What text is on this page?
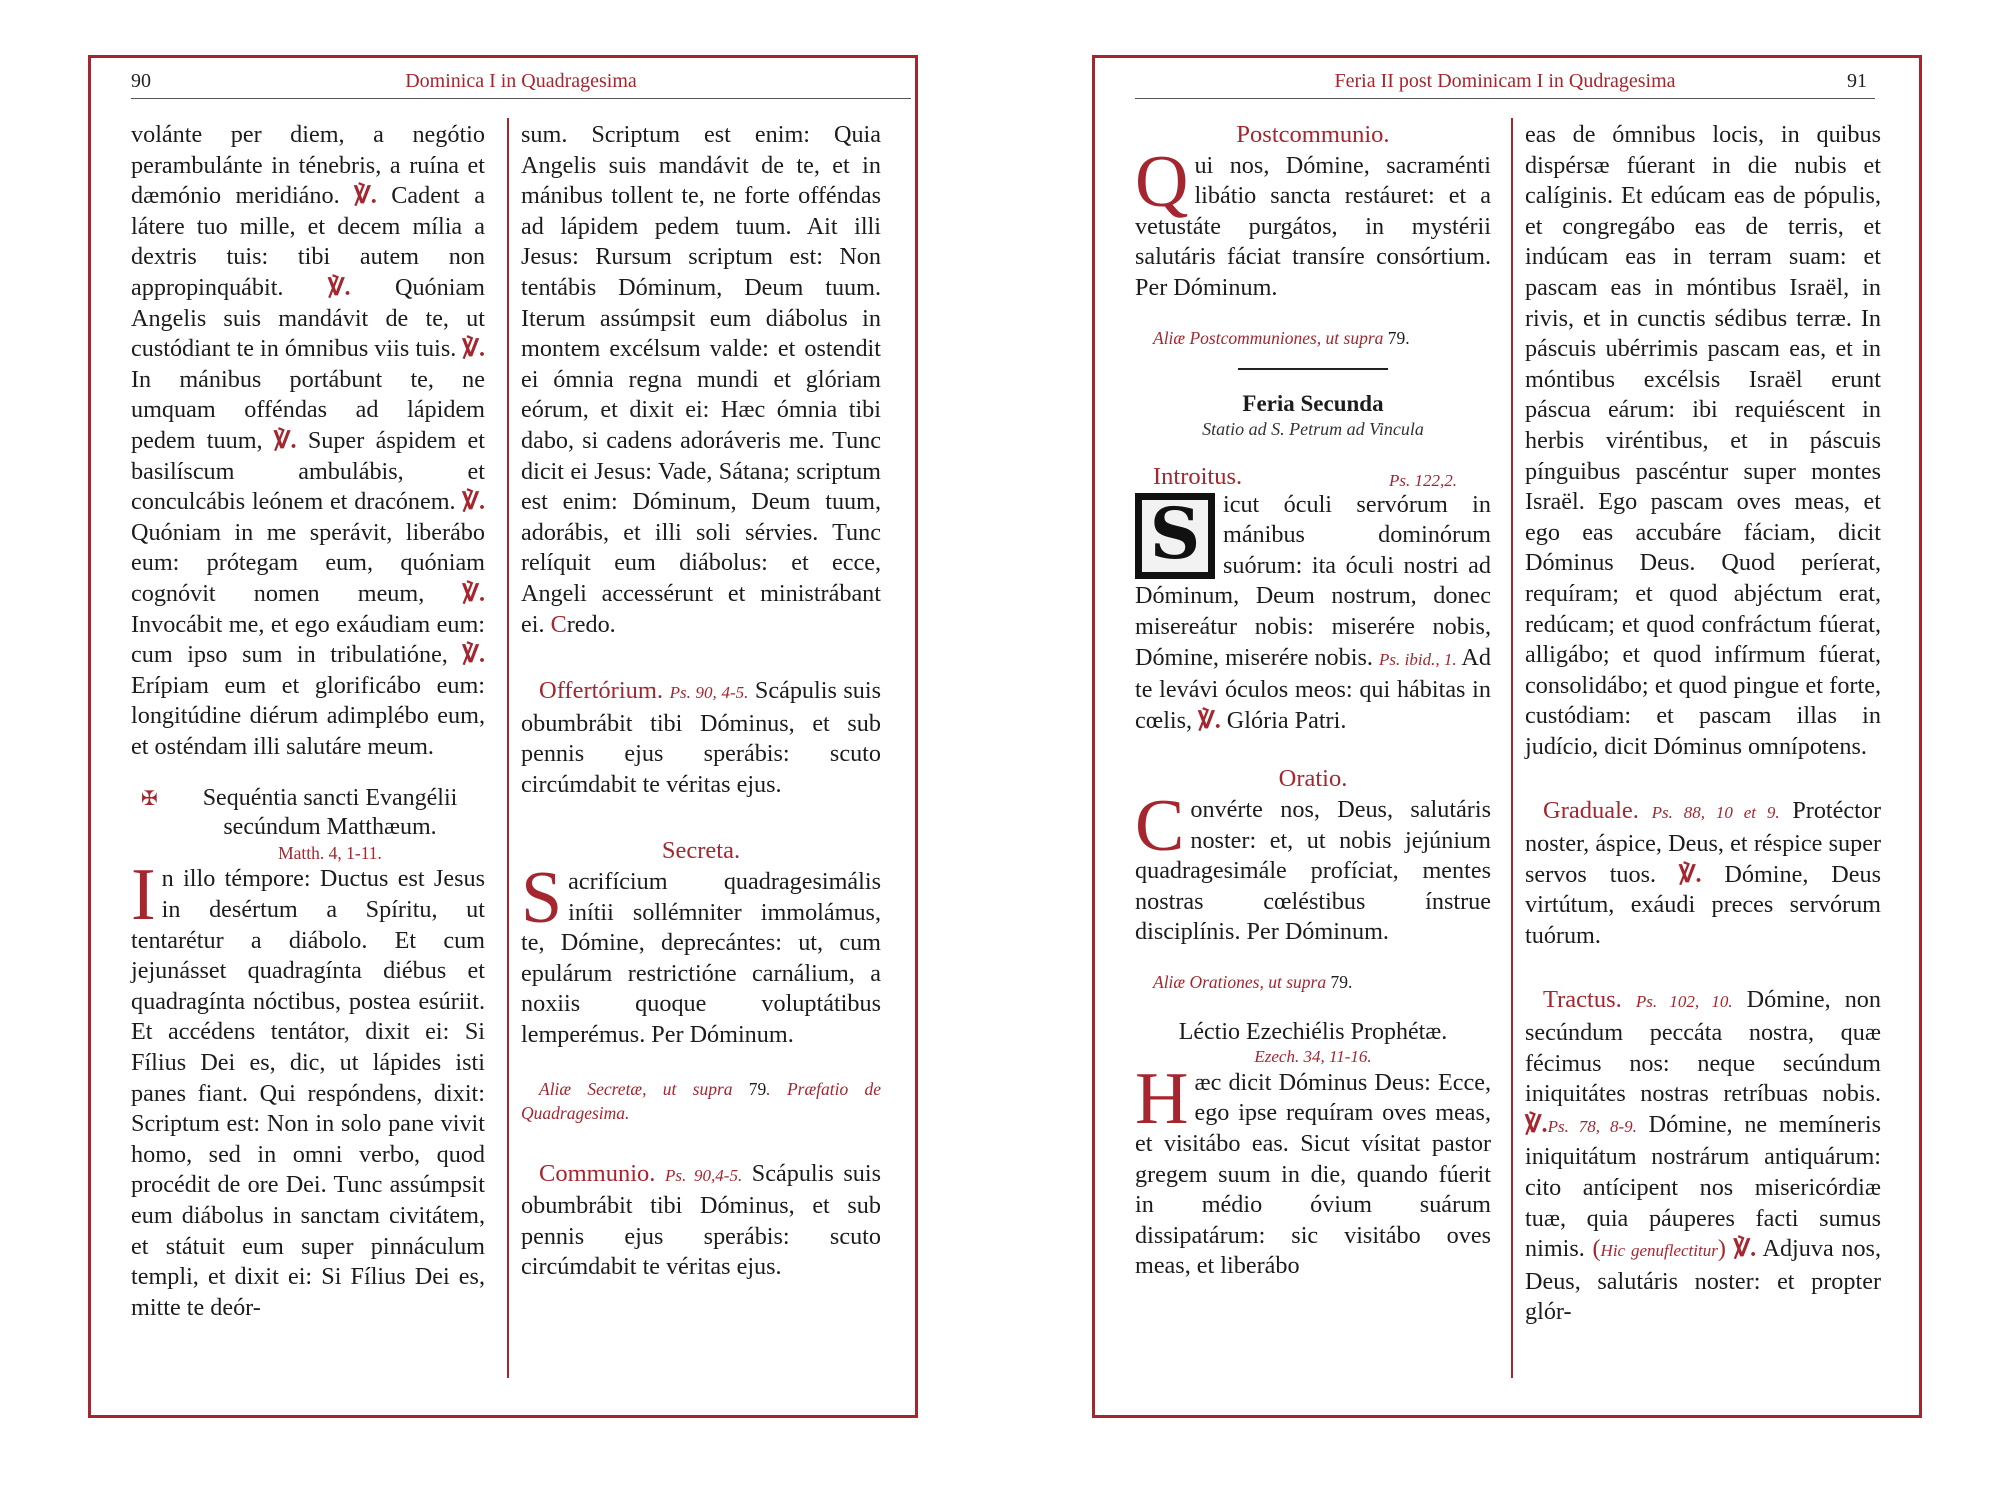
90	Dominica I in Quadragesima

volánte per diem, a negótio perambulánte in ténebris, a ruína et dæmónio meridiáno. ℣. Cadent a látere tuo mille, et decem mília a dextris tuis: tibi autem non appropinquábit. ℣. Quóniam Angelis suis mandávit de te, ut custódiant te in ómnibus viis tuis. ℣. In mánibus portábunt te, ne umquam offéndas ad lápidem pedem tuum, ℣. Super áspidem et basilíscum ambulábis, et conculcábis leónem et dracónem. ℣. Quóniam in me sperávit, liberábo eum: prótegam eum, quóniam cognóvit nomen meum, ℣. Invocábit me, et ego exáudiam eum: cum ipso sum in tribulatióne, ℣. Erípiam eum et glorificábo eum: longitúdine diérum adimplébo eum, et osténdam illi salutáre meum.

✠	Sequéntia sancti Evangélii secúndum Matthæum.
Matth. 4, 1-11.

In illo témpore: Ductus est Jesus in desértum a Spíritu, ut tentarétur a diábolo. Et cum jejunásset quadragínta diébus et quadragínta nóctibus, postea esúriit. Et accédens tentátor, dixit ei: Si Fílius Dei es, dic, ut lápides isti panes fiant. Qui respóndens, dixit: Scriptum est: Non in solo pane vivit homo, sed in omni verbo, quod procédit de ore Dei. Tunc assúmpsit eum diábolus in sanctam civitátem, et státuit eum super pinnáculum templi, et dixit ei: Si Fílius Dei es, mitte te deór-

sum. Scriptum est enim: Quia Angelis suis mandávit de te, et in mánibus tollent te, ne forte offéndas ad lápidem pedem tuum. Ait illi Jesus: Rursum scriptum est: Non tentábis Dóminum, Deum tuum. Iterum assúmpsit eum diábolus in montem excélsum valde: et ostendit ei ómnia regna mundi et glóriam eórum, et dixit ei: Hæc ómnia tibi dabo, si cadens adoráveris me. Tunc dicit ei Jesus: Vade, Sátana; scriptum est enim: Dóminum, Deum tuum, adorábis, et illi soli sérvies. Tunc relíquit eum diábolus: et ecce, Angeli accessérunt et ministrábant ei. Credo.

Offertórium. Ps. 90, 4-5. Scápulis suis obumbrábit tibi Dóminus, et sub pennis ejus sperábis: scuto circúmdabit te véritas ejus.

Secreta.

Sacrifícium quadragesimális inítii sollémniter immolámus, te, Dómine, deprecántes: ut, cum epulárum restrictióne carnálium, a noxiis quoque voluptátibus lemperémus. Per Dóminum.

Aliæ Secretæ, ut supra 79. Præfatio de Quadragesima.

Communio. Ps. 90,4-5. Scápulis suis obumbrábit tibi Dóminus, et sub pennis ejus sperábis: scuto circúmdabit te véritas ejus.

Feria II post Dominicam I in Qudragesima	91
Postcommunio.

Qui nos, Dómine, sacraménti libátio sancta restáuret: et a vetustáte purgátos, in mystérii salutáris fáciat transíre consórtium. Per Dóminum.

Aliæ Postcommuniones, ut supra 79.

Feria Secunda
Statio ad S. Petrum ad Vincula
Introitus.	Ps. 122,2.

S icut óculi servórum in mánibus dominórum suórum: ita óculi nostri ad Dóminum, Deum nostrum, donec misereátur nobis: miserére nobis, Dómine, miserére nobis. Ps. ibid., 1. Ad te levávi óculos meos: qui hábitas in cœlis, ℣. Glória Patri.

Oratio.

Convérte nos, Deus, salutáris noster: et, ut nobis jejúnium quadragesimále profíciat, mentes nostras cœléstibus ínstrue disciplínis. Per Dóminum.

Aliæ Orationes, ut supra 79.

Léctio Ezechiélis Prophétæ.
Ezech. 34, 11-16.

Hæc dicit Dóminus Deus: Ecce, ego ipse requíram oves meas, et visitábo eas. Sicut vísitat pastor gregem suum in die, quando fúerit in médio óvium suárum dissipatárum: sic visitábo oves meas, et liberábo

eas de ómnibus locis, in quibus dispérsæ fúerant in die nubis et calíginis. Et edúcam eas de pópulis, et congregábo eas de terris, et indúcam eas in terram suam: et pascam eas in móntibus Israël, in rivis, et in cunctis sédibus terræ. In páscuis ubérrimis pascam eas, et in móntibus excélsis Israël erunt páscua eárum: ibi requiéscent in herbis viréntibus, et in páscuis pínguibus pascéntur super montes Israël. Ego pascam oves meas, et ego eas accubáre fáciam, dicit Dóminus Deus. Quod períerat, requíram; et quod abjéctum erat, redúcam; et quod confráctum fúerat, alligábo; et quod infírmum fúerat, consolidábo; et quod pingue et forte, custódiam: et pascam illas in judício, dicit Dóminus omnípotens.

Graduale. Ps. 88, 10 et 9. Protéctor noster, áspice, Deus, et réspice super servos tuos. ℣. Dómine, Deus virtútum, exáudi preces servórum tuórum.

Tractus. Ps. 102, 10. Dómine, non secúndum peccáta nostra, quæ fécimus nos: neque secúndum iniquitátes nostras retríbuas nobis. ℣.Ps. 78, 8-9. Dómine, ne memíneris iniquitátum nostrárum antiquárum: cito antícipent nos misericórdiæ tuæ, quia páuperes facti sumus nimis. (Hic genuflectitur) ℣. Adjuva nos, Deus, salutáris noster: et propter glór-
